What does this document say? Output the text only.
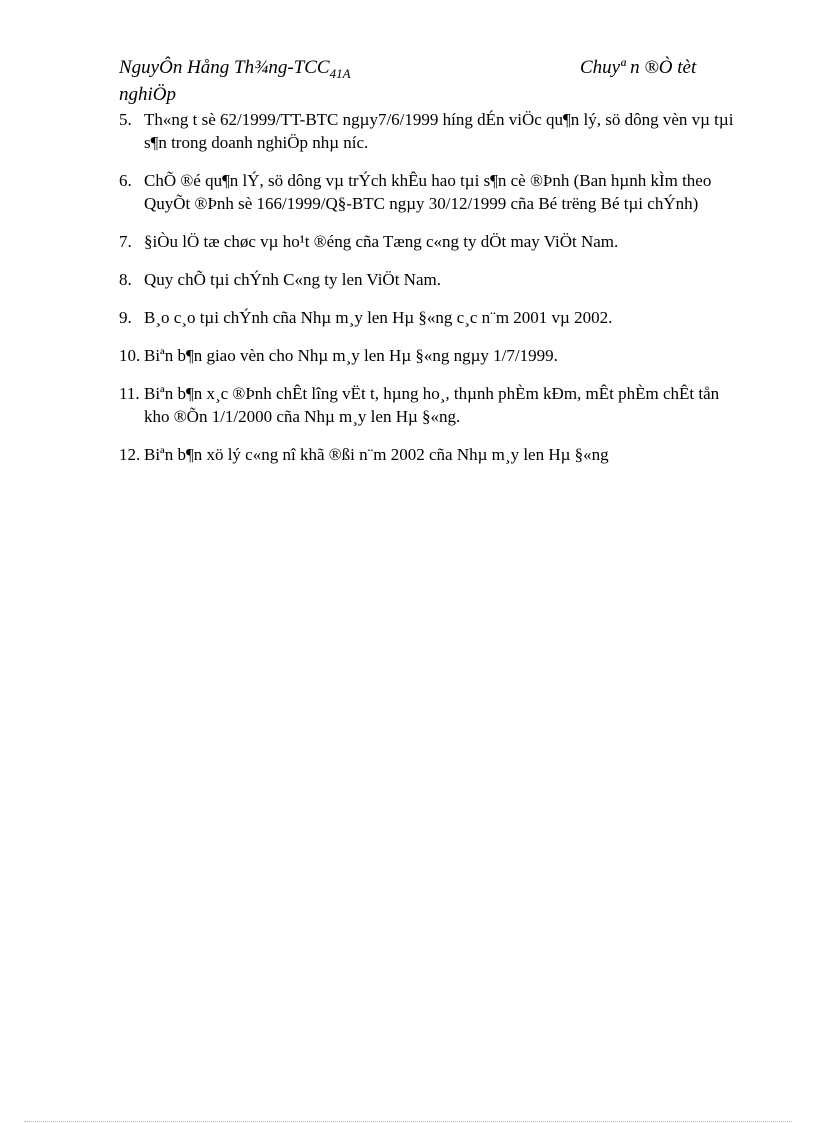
NguyÔn Hång Th¾ng-$TCC_{41A}$	Chuyª n ®Ò tèt
nghiÖp
5. Th«ng t sè 62/1999/TT-BTC ngµy7/6/1999 híng dÉn viÖc qu¶n lý, sö dông vèn vµ tµi s¶n trong doanh nghiÖp nhµ níc.
6. ChÕ ®é qu¶n lÝ, sö dông vµ trÝch khÊu hao tµi s¶n cè ®Þnh (Ban hµnh kÌm theo QuyÕt ®Þnh sè 166/1999/Q§-BTC ngµy 30/12/1999 cña Bé trëng Bé tµi chÝnh)
7. §iÒu lÖ tæ chøc vµ ho¹t ®éng cña Tæng c«ng ty dÖt may ViÖt Nam.
8. Quy chÕ tµi chÝnh C«ng ty len ViÖt Nam.
9. B¸o c¸o tµi chÝnh cña Nhµ m¸y len Hµ §«ng c¸c n¨m 2001 vµ 2002.
10. Biªn b¶n giao vèn cho Nhµ m¸y len Hµ §«ng ngµy 1/7/1999.
11. Biªn b¶n x¸c ®Þnh chÊt lîng vËt t, hµng ho¸, thµnh phÈm kÐm, mÊt phÈm chÊt tån kho ®Õn 1/1/2000 cña Nhµ m¸y len Hµ §«ng.
12. Biªn b¶n xö lý c«ng nî khã ®ßi n¨m 2002 cña Nhµ m¸y len Hµ §«ng
